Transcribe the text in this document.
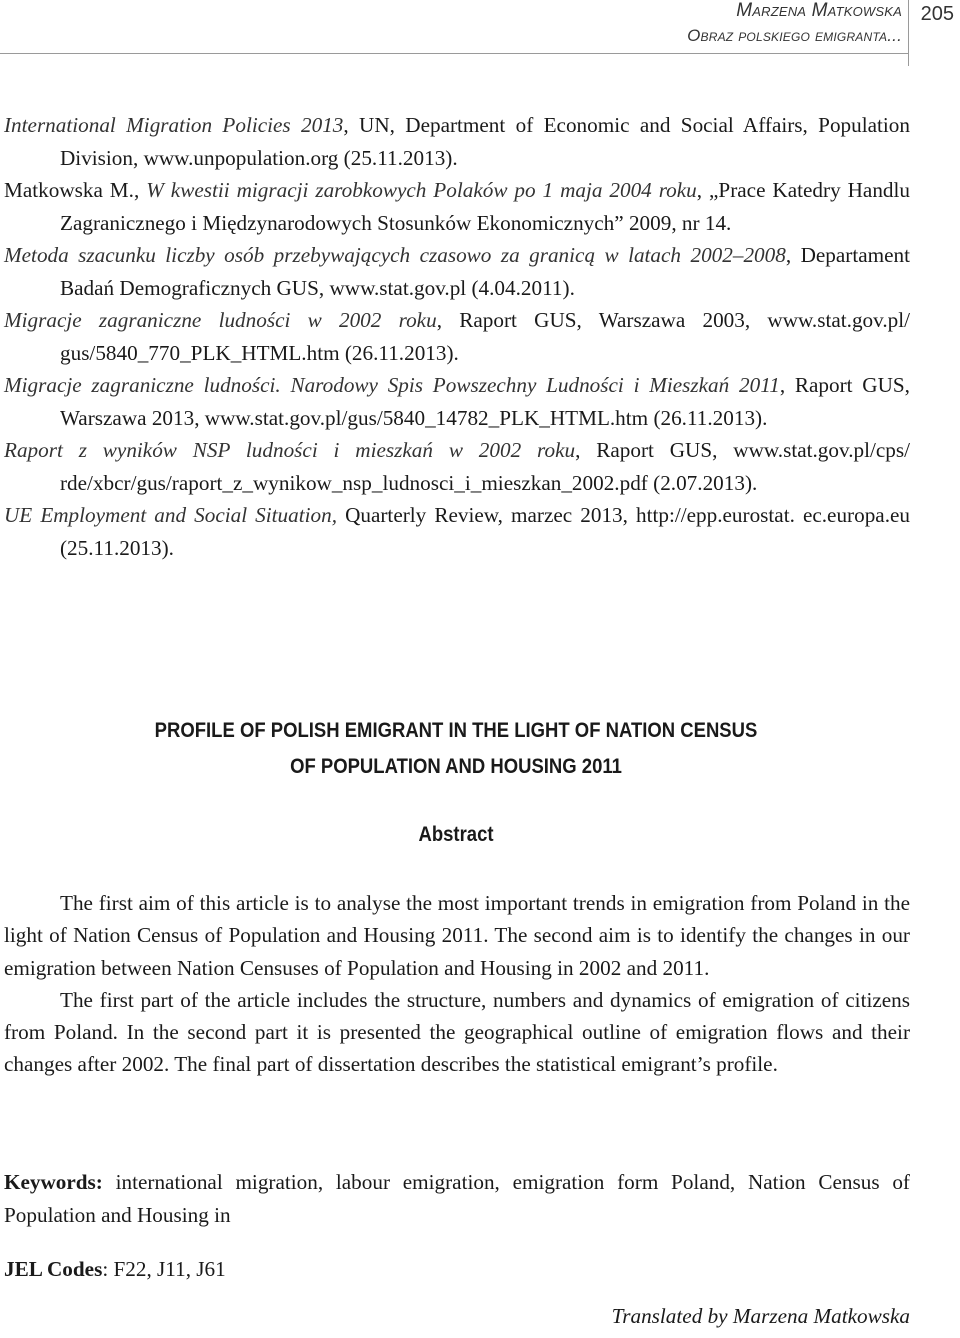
Marzena Matkowska
Obraz polskiego emigranta...
205
International Migration Policies 2013, UN, Department of Economic and Social Affairs, Population Division, www.unpopulation.org (25.11.2013).
Matkowska M., W kwestii migracji zarobkowych Polaków po 1 maja 2004 roku, „Prace Katedry Handlu Zagranicznego i Międzynarodowych Stosunków Ekonomicznych” 2009, nr 14.
Metoda szacunku liczby osób przebywających czasowo za granicą w latach 2002–2008, Departament Badań Demograficznych GUS, www.stat.gov.pl (4.04.2011).
Migracje zagraniczne ludności w 2002 roku, Raport GUS, Warszawa 2003, www.stat.gov.pl/ gus/5840_770_PLK_HTML.htm (26.11.2013).
Migracje zagraniczne ludności. Narodowy Spis Powszechny Ludności i Mieszkań 2011, Raport GUS, Warszawa 2013, www.stat.gov.pl/gus/5840_14782_PLK_HTML.htm (26.11.2013).
Raport z wyników NSP ludności i mieszkań w 2002 roku, Raport GUS, www.stat.gov.pl/cps/ rde/xbcr/gus/raport_z_wynikow_nsp_ludnosci_i_mieszkan_2002.pdf (2.07.2013).
UE Employment and Social Situation, Quarterly Review, marzec 2013, http://epp.eurostat. ec.europa.eu (25.11.2013).
PROFILE OF POLISH EMIGRANT IN THE LIGHT OF NATION CENSUS
OF POPULATION AND HOUSING 2011
Abstract

The first aim of this article is to analyse the most important trends in emigration from Poland in the light of Nation Census of Population and Housing 2011. The second aim is to identify the changes in our emigration between Nation Censuses of Population and Housing in 2002 and 2011.

The first part of the article includes the structure, numbers and dynamics of emigration of citizens from Poland. In the second part it is presented the geographical outline of emigration flows and their changes after 2002. The final part of dissertation describes the statistical emigrant’s profile.

Keywords: international migration, labour emigration, emigration form Poland, Nation Census of Population and Housing in
JEL Codes: F22, J11, J61
Translated by Marzena Matkowska
